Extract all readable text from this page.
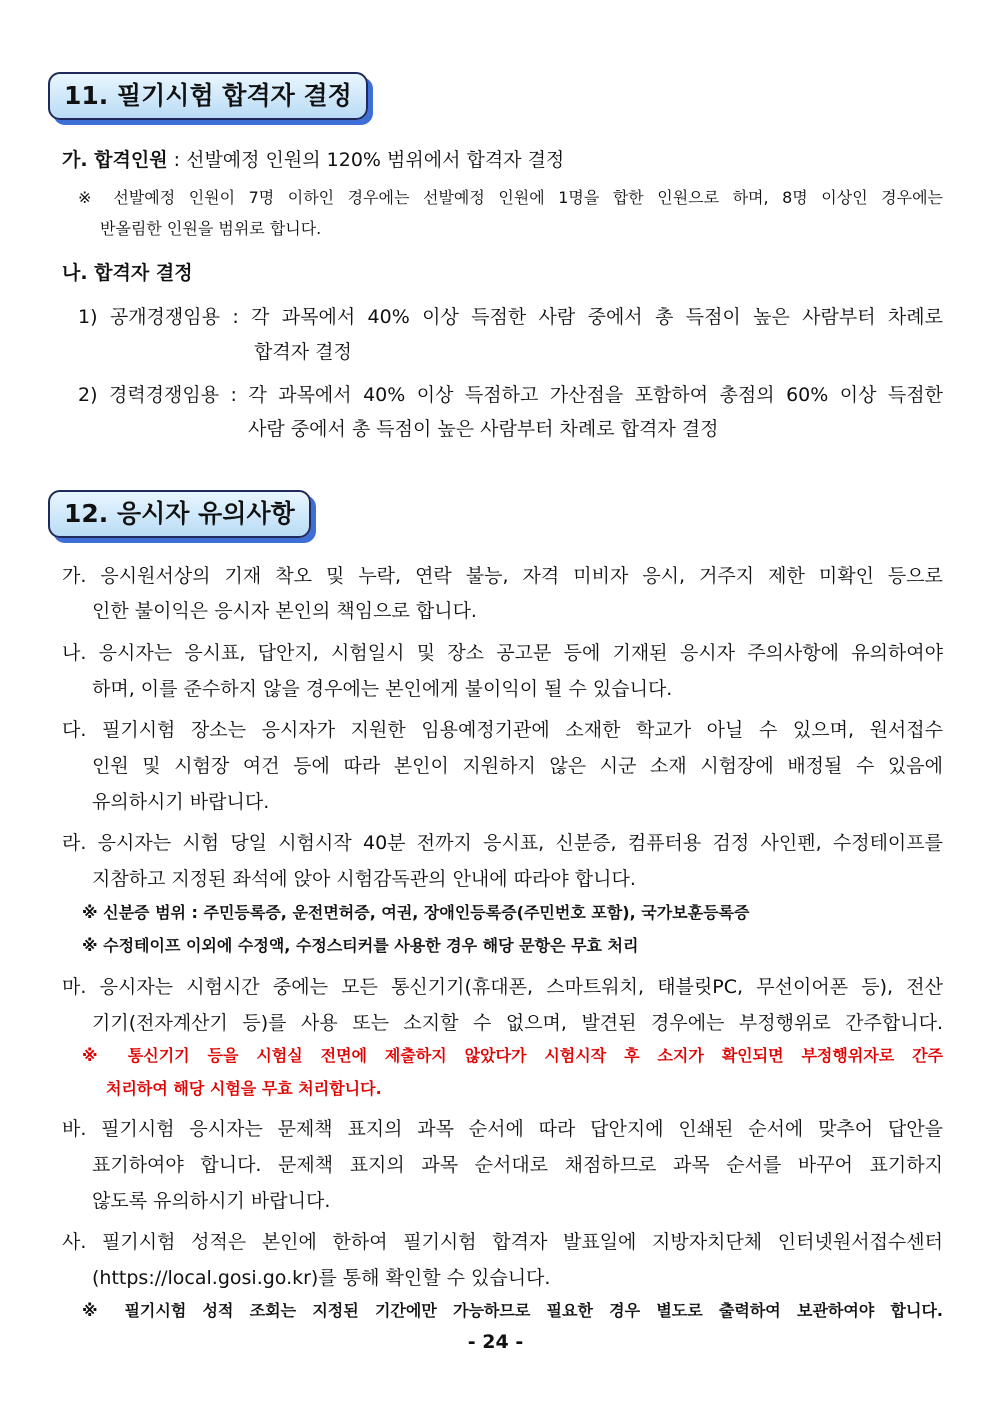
11. 필기시험 합격자 결정
가. 합격인원 : 선발예정 인원의 120% 범위에서 합격자 결정
※ 선발예정 인원이 7명 이하인 경우에는 선발예정 인원에 1명을 합한 인원으로 하며, 8명 이상인 경우에는
반올림한 인원을 범위로 합니다.
나. 합격자 결정
1) 공개경쟁임용 : 각 과목에서 40% 이상 득점한 사람 중에서 총 득점이 높은 사람부터 차례로
합격자 결정
2) 경력경쟁임용 : 각 과목에서 40% 이상 득점하고 가산점을 포함하여 총점의 60% 이상 득점한
사람 중에서 총 득점이 높은 사람부터 차례로 합격자 결정
12. 응시자 유의사항
가. 응시원서상의 기재 착오 및 누락, 연락 불능, 자격 미비자 응시, 거주지 제한 미확인 등으로
인한 불이익은 응시자 본인의 책임으로 합니다.
나. 응시자는 응시표, 답안지, 시험일시 및 장소 공고문 등에 기재된 응시자 주의사항에 유의하여야
하며, 이를 준수하지 않을 경우에는 본인에게 불이익이 될 수 있습니다.
다. 필기시험 장소는 응시자가 지원한 임용예정기관에 소재한 학교가 아닐 수 있으며, 원서접수
인원 및 시험장 여건 등에 따라 본인이 지원하지 않은 시군 소재 시험장에 배정될 수 있음에
유의하시기 바랍니다.
라. 응시자는 시험 당일 시험시작 40분 전까지 응시표, 신분증, 컴퓨터용 검정 사인펜, 수정테이프를
지참하고 지정된 좌석에 앉아 시험감독관의 안내에 따라야 합니다.
※ 신분증 범위 : 주민등록증, 운전면허증, 여권, 장애인등록증(주민번호 포함), 국가보훈등록증
※ 수정테이프 이외에 수정액, 수정스티커를 사용한 경우 해당 문항은 무효 처리
마. 응시자는 시험시간 중에는 모든 통신기기(휴대폰, 스마트워치, 태블릿PC, 무선이어폰 등), 전산
기기(전자계산기 등)를 사용 또는 소지할 수 없으며, 발견된 경우에는 부정행위로 간주합니다.
※ 통신기기 등을 시험실 전면에 제출하지 않았다가 시험시작 후 소지가 확인되면 부정행위자로 간주
처리하여 해당 시험을 무효 처리합니다.
바. 필기시험 응시자는 문제책 표지의 과목 순서에 따라 답안지에 인쇄된 순서에 맞추어 답안을
표기하여야 합니다. 문제책 표지의 과목 순서대로 채점하므로 과목 순서를 바꾸어 표기하지
않도록 유의하시기 바랍니다.
사. 필기시험 성적은 본인에 한하여 필기시험 합격자 발표일에 지방자치단체 인터넷원서접수센터
(https://local.gosi.go.kr)를 통해 확인할 수 있습니다.
※ 필기시험 성적 조회는 지정된 기간에만 가능하므로 필요한 경우 별도로 출력하여 보관하여야 합니다.
- 24 -
